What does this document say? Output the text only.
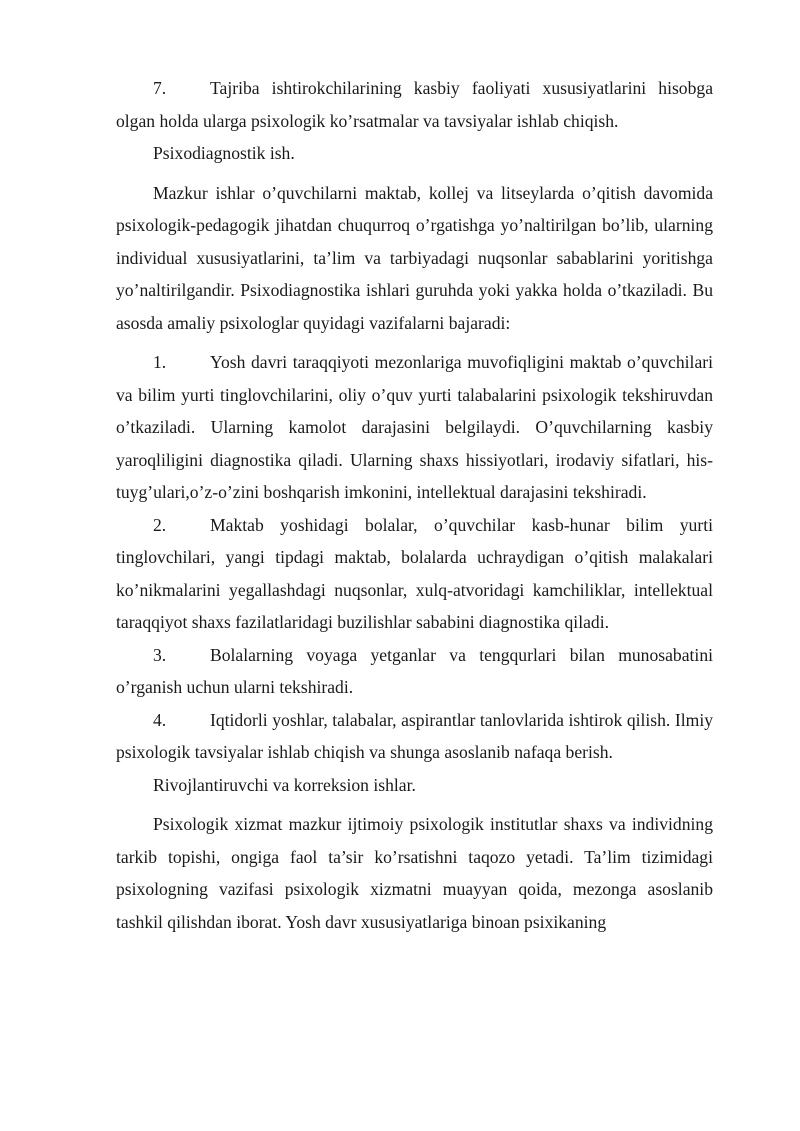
7. Tajriba ishtirokchilarining kasbiy faoliyati xususiyatlarini hisobga olgan holda ularga psixologik ko’rsatmalar va tavsiyalar ishlab chiqish.

Psixodiagnostik ish.

Mazkur ishlar o’quvchilarni maktab, kollej va litseylarda o’qitish davomida psixologik-pedagogik jihatdan chuqurroq o’rgatishga yo’naltirilgan bo’lib, ularning individual xususiyatlarini, ta’lim va tarbiyadagi nuqsonlar sabablarini yoritishga yo’naltirilgandir. Psixodiagnostika ishlari guruhda yoki yakka holda o’tkaziladi. Bu asosda amaliy psixologlar quyidagi vazifalarni bajaradi:

1. Yosh davri taraqqiyoti mezonlariga muvofiqligini maktab o’quvchilari va bilim yurti tinglovchilarini, oliy o’quv yurti talabalarini psixologik tekshiruvdan o’tkaziladi. Ularning kamolot darajasini belgilaydi. O’quvchilarning kasbiy yaroqliligini diagnostika qiladi. Ularning shaxs hissiyotlari, irodaviy sifatlari, his- tuyg’ulari,o’z-o’zini boshqarish imkonini, intellektual darajasini tekshiradi.

2. Maktab yoshidagi bolalar, o’quvchilar kasb-hunar bilim yurti tinglovchilari, yangi tipdagi maktab, bolalarda uchraydigan o’qitish malakalari ko’nikmalarini yegallashdagi nuqsonlar, xulq-atvoridagi kamchiliklar, intellektual taraqqiyot shaxs fazilatlaridagi buzilishlar sababini diagnostika qiladi.

3. Bolalarning voyaga yetganlar va tengqurlari bilan munosabatini o’rganish uchun ularni tekshiradi.

4. Iqtidorli yoshlar, talabalar, aspirantlar tanlovlarida ishtirok qilish. Ilmiy psixologik tavsiyalar ishlab chiqish va shunga asoslanib nafaqa berish.

Rivojlantiruvchi va korreksion ishlar.

Psixologik xizmat mazkur ijtimoiy psixologik institutlar shaxs va individning tarkib topishi, ongiga faol ta’sir ko’rsatishni taqozo yetadi. Ta’lim tizimidagi psixologning vazifasi psixologik xizmatni muayyan qoida, mezonga asoslanib tashkil qilishdan iborat. Yosh davr xususiyatlariga binoan psixikaning
